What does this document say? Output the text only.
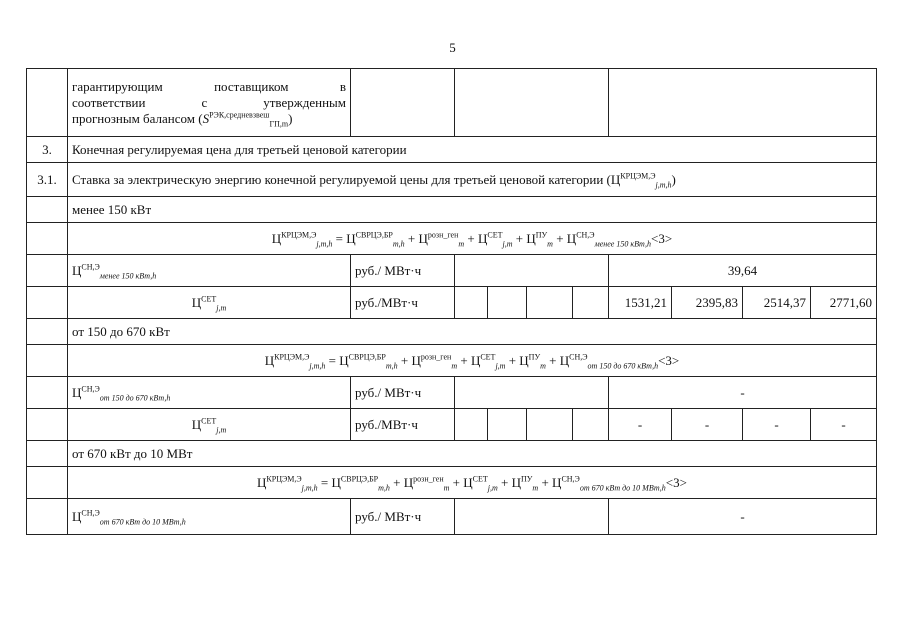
5

	гарантирующим поставщиком в
соответствии с утвержденным
прогнозным балансом $(S^{РЭК,средневзвеш}_{ГП,m})$									

3.	Конечная регулируемая цена для третьей ценовой категории									
3.1.	Ставка за электрическую энергию конечной регулируемой цены для третьей ценовой категории $(Ц^{КРЦЭМ,Э}_{j,m,h})$									
	менее 150 кВт									
	$Ц^{КРЦЭМ,Э}_{j,m,h} = Ц^{СВРЦЭ,БР}_{m,h} + Ц^{розн\_ген}_m + Ц^{СЕТ}_{j,m} + Ц^{ПУ}_m + Ц^{СН,Э}_{менее 150 кВт,h}<3>$									
	$Ц^{СН,Э}_{менее 150 кВт,h}$	руб./ МВт·ч					39,64			
	$Ц^{СЕТ}_{j,m}$	руб./МВт·ч					1531,21	2395,83	2514,37	2771,60
	от 150 до 670 кВт									
	$Ц^{КРЦЭМ,Э}_{j,m,h} = Ц^{СВРЦЭ,БР}_{m,h} + Ц^{розн\_ген}_m + Ц^{СЕТ}_{j,m} + Ц^{ПУ}_m + Ц^{СН,Э}_{от 150 до 670 кВт,h}<3>$									
	$Ц^{СН,Э}_{от 150 до 670 кВт,h}$	руб./ МВт·ч					-			
	$Ц^{СЕТ}_{j,m}$	руб./МВт·ч					-	-	-	-
	от 670 кВт до 10 МВт									
	$Ц^{КРЦЭМ,Э}_{j,m,h} = Ц^{СВРЦЭ,БР}_{m,h} + Ц^{розн\_ген}_m + Ц^{СЕТ}_{j,m} + Ц^{ПУ}_m + Ц^{СН,Э}_{от 670 кВт до 10 МВт,h}<3>$									
	$Ц^{СН,Э}_{от 670 кВт до 10 МВт,h}$	руб./ МВт·ч					-			
